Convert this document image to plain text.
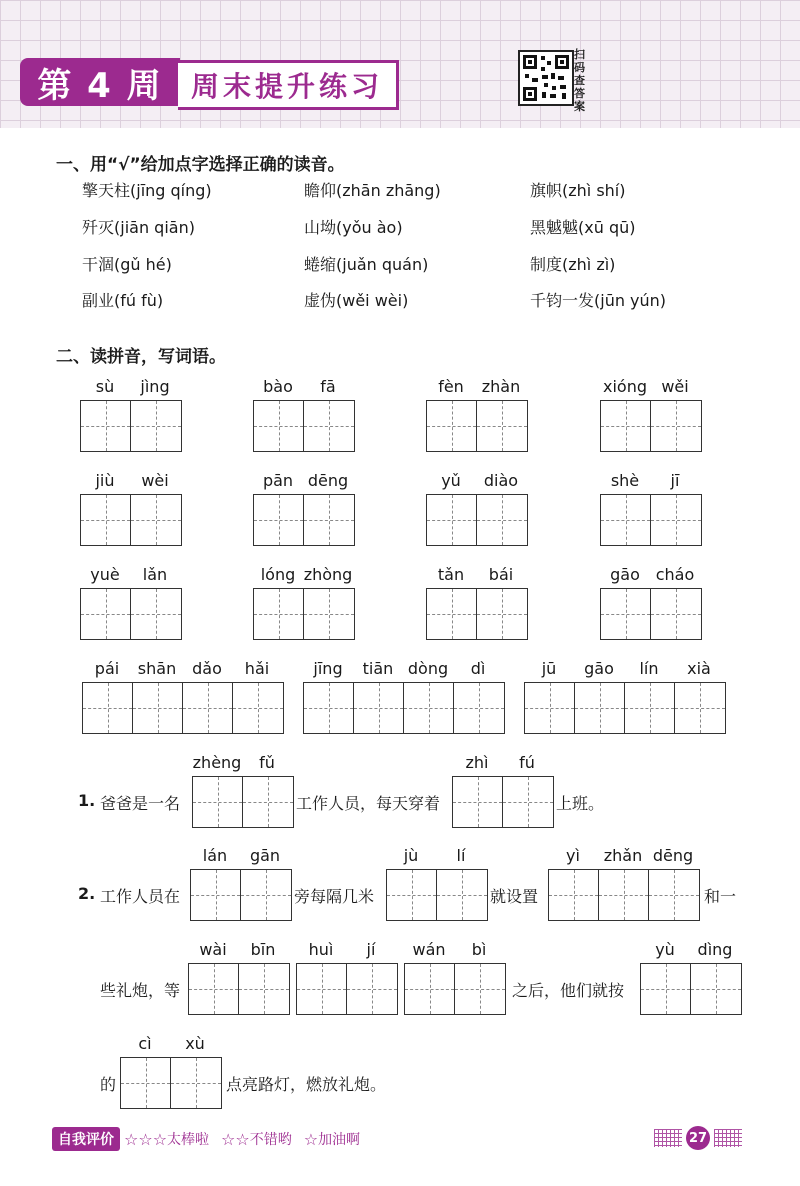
第 4 周	周末提升练习
扫
码
查
答
案
一、用“√”给加点字选择正确的读音。
擎天柱(jīng qíng)	瞻仰(zhān zhāng)	旗帜(zhì shí)
歼灭(jiān qiān)	山坳(yǒu ào)	黑魆魆(xū qū)
干涸(gǔ hé)	蜷缩(juǎn quán)	制度(zhì zì)
副业(fú fù)	虚伪(wěi wèi)	千钧一发(jūn yún)
二、读拼音，写词语。
sù	jìng	bào	fā	fèn	zhàn	xióng wěi
jiù	wèi	pān dēng	yǔ	diào	shè	jī
yuè	lǎn	lóng zhòng	tǎn	bái	gāo cháo
pái	shān dǎo	hǎi	jīng	tiān dòng	dì	jū	gāo	lín	xià
1. 爸爸是一名
zhèng	fǔ
工作人员，每天穿着
zhì	fú
上班。
2. 工作人员在
lán	gān
旁每隔几米
jù	lí
就设置
yì	zhǎn dēng
和一
些礼炮，等
wài	bīn	huì	jí	wán	bì
之后，他们就按
yù	dìng
的
cì	xù
点亮路灯，燃放礼炮。
自我评价 ☆☆☆ 太棒啦 ☆☆ 不错哟 ☆ 加油啊	27
